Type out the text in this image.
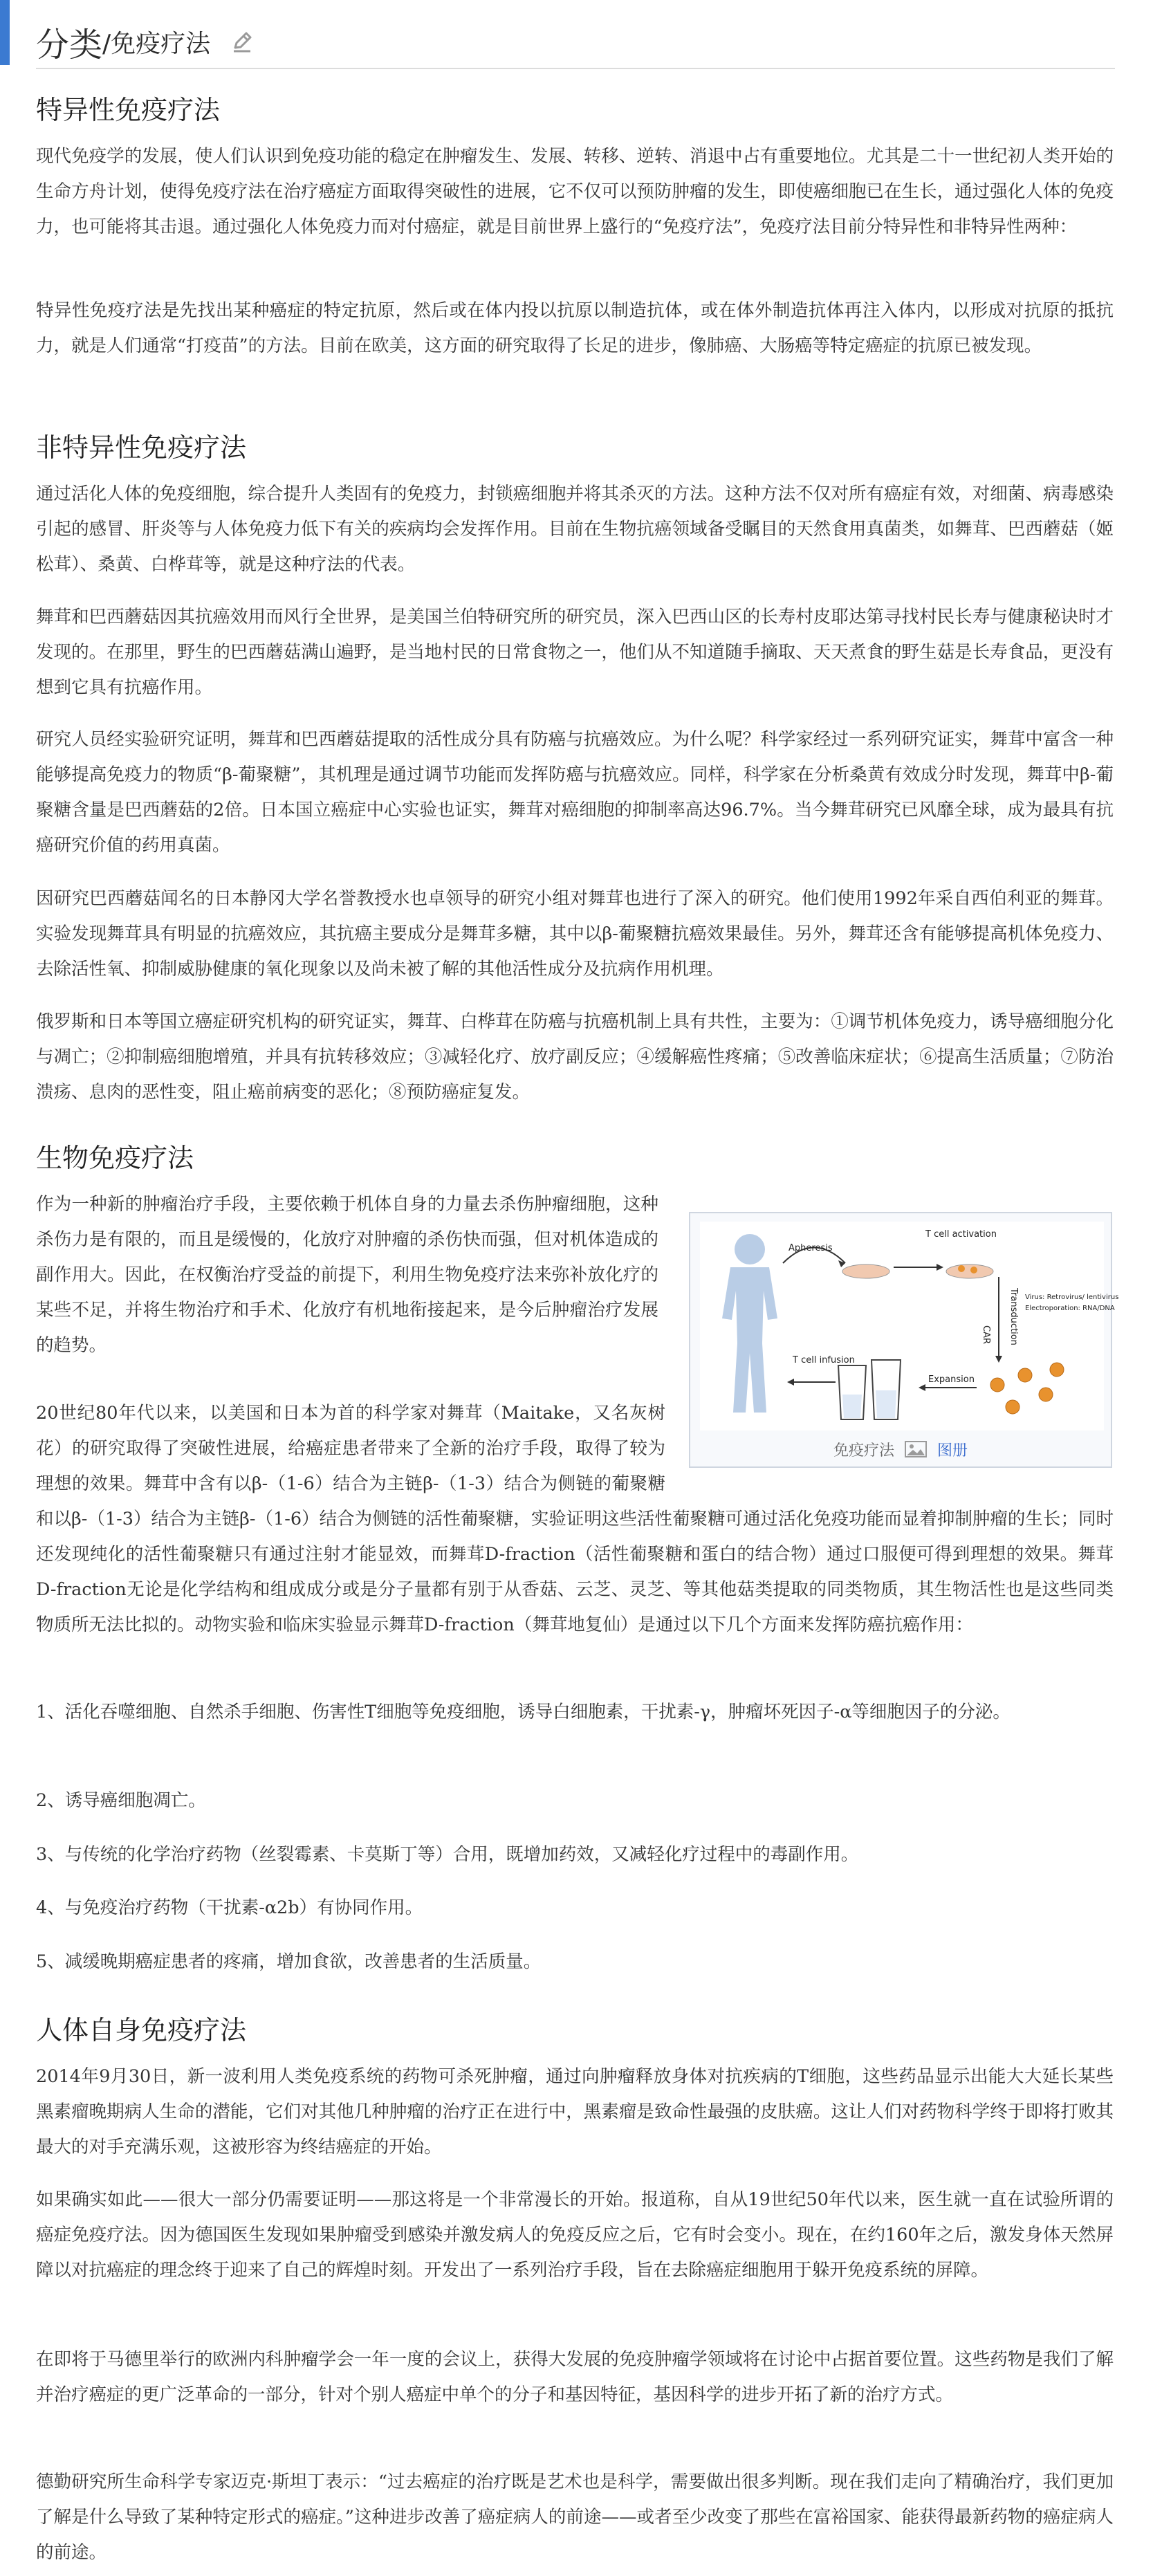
分类 /免疫疗法
特异性免疫疗法

现代免疫学的发展，使人们认识到免疫功能的稳定在肿瘤发生、发展、转移、逆转、消退中占有重要地位。尤其是二十一世纪初人类开始的生命方舟计划，使得免疫疗法在治疗癌症方面取得突破性的进展，它不仅可以预防肿瘤的发生，即使癌细胞已在生长，通过强化人体的免疫力，也可能将其击退。通过强化人体免疫力而对付癌症，就是目前世界上盛行的“免疫疗法”，免疫疗法目前分特异性和非特异性两种：

特异性免疫疗法是先找出某种癌症的特定抗原，然后或在体内投以抗原以制造抗体，或在体外制造抗体再注入体内，以形成对抗原的抵抗力，就是人们通常“打疫苗”的方法。目前在欧美，这方面的研究取得了长足的进步，像肺癌、大肠癌等特定癌症的抗原已被发现。

非特异性免疫疗法

通过活化人体的免疫细胞，综合提升人类固有的免疫力，封锁癌细胞并将其杀灭的方法。这种方法不仅对所有癌症有效，对细菌、病毒感染引起的感冒、肝炎等与人体免疫力低下有关的疾病均会发挥作用。目前在生物抗癌领域备受瞩目的天然食用真菌类，如舞茸、巴西蘑菇（姬松茸）、桑黄、白桦茸等，就是这种疗法的代表。

舞茸和巴西蘑菇因其抗癌效用而风行全世界，是美国兰伯特研究所的研究员，深入巴西山区的长寿村皮耶达第寻找村民长寿与健康秘诀时才发现的。在那里，野生的巴西蘑菇满山遍野，是当地村民的日常食物之一，他们从不知道随手摘取、天天煮食的野生菇是长寿食品，更没有想到它具有抗癌作用。

研究人员经实验研究证明，舞茸和巴西蘑菇提取的活性成分具有防癌与抗癌效应。为什么呢？科学家经过一系列研究证实，舞茸中富含一种能够提高免疫力的物质“β-葡聚糖”，其机理是通过调节功能而发挥防癌与抗癌效应。同样，科学家在分析桑黄有效成分时发现，舞茸中β-葡聚糖含量是巴西蘑菇的2倍。日本国立癌症中心实验也证实，舞茸对癌细胞的抑制率高达96.7%。当今舞茸研究已风靡全球，成为最具有抗癌研究价值的药用真菌。

因研究巴西蘑菇闻名的日本静冈大学名誉教授水也卓领导的研究小组对舞茸也进行了深入的研究。他们使用1992年采自西伯利亚的舞茸。实验发现舞茸具有明显的抗癌效应，其抗癌主要成分是舞茸多糖，其中以β-葡聚糖抗癌效果最佳。另外，舞茸还含有能够提高机体免疫力、去除活性氧、抑制威胁健康的氧化现象以及尚未被了解的其他活性成分及抗病作用机理。

俄罗斯和日本等国立癌症研究机构的研究证实，舞茸、白桦茸在防癌与抗癌机制上具有共性，主要为：①调节机体免疫力，诱导癌细胞分化与凋亡；②抑制癌细胞增殖，并具有抗转移效应；③减轻化疗、放疗副反应；④缓解癌性疼痛；⑤改善临床症状；⑥提高生活质量；⑦防治溃疡、息肉的恶性变，阻止癌前病变的恶化；⑧预防癌症复发。

生物免疫疗法

作为一种新的肿瘤治疗手段，主要依赖于机体自身的力量去杀伤肿瘤细胞，这种杀伤力是有限的，而且是缓慢的，化放疗对肿瘤的杀伤快而强，但对机体造成的副作用大。因此，在权衡治疗受益的前提下，利用生物免疫疗法来弥补放化疗的某些不足，并将生物治疗和手术、化放疗有机地衔接起来，是今后肿瘤治疗发展的趋势。

20世纪80年代以来，以美国和日本为首的科学家对舞茸（Maitake，又名灰树花）的研究取得了突破性进展，给癌症患者带来了全新的治疗手段，取得了较为理想的效果。舞茸中含有以β-（1-6）结合为主链β-（1-3）结合为侧链的葡聚糖和以β-（1-3）结合为主链β-（1-6）结合为侧链的活性葡聚糖，实验证明这些活性葡聚糖可通过活化免疫功能而显着抑制肿瘤的生长；同时还发现纯化的活性葡聚糖只有通过注射才能显效，而舞茸D-fraction（活性葡聚糖和蛋白的结合物）通过口服便可得到理想的效果。舞茸D-fraction无论是化学结构和组成成分或是分子量都有别于从香菇、云芝、灵芝、等其他菇类提取的同类物质，其生物活性也是这些同类物质所无法比拟的。动物实验和临床实验显示舞茸D-fraction（舞茸地复仙）是通过以下几个方面来发挥防癌抗癌作用：

1、活化吞噬细胞、自然杀手细胞、伤害性T细胞等免疫细胞，诱导白细胞素，干扰素-γ，肿瘤坏死因子-α等细胞因子的分泌。

2、诱导癌细胞凋亡。

3、与传统的化学治疗药物（丝裂霉素、卡莫斯丁等）合用，既增加药效，又减轻化疗过程中的毒副作用。

4、与免疫治疗药物（干扰素-α2b）有协同作用。

5、减缓晚期癌症患者的疼痛，增加食欲，改善患者的生活质量。

Apheresis
T cell activation
CAR Transduction Virus: Retrovirus/ lentivirus
Electroporation: RNA/DNA
Expansion
T cell infusion
免疫疗法	图册
人体自身免疫疗法

2014年9月30日，新一波利用人类免疫系统的药物可杀死肿瘤，通过向肿瘤释放身体对抗疾病的T细胞，这些药品显示出能大大延长某些黑素瘤晚期病人生命的潜能，它们对其他几种肿瘤的治疗正在进行中，黑素瘤是致命性最强的皮肤癌。这让人们对药物科学终于即将打败其最大的对手充满乐观，这被形容为终结癌症的开始。

如果确实如此——很大一部分仍需要证明——那这将是一个非常漫长的开始。报道称，自从19世纪50年代以来，医生就一直在试验所谓的癌症免疫疗法。因为德国医生发现如果肿瘤受到感染并激发病人的免疫反应之后，它有时会变小。现在，在约160年之后，激发身体天然屏障以对抗癌症的理念终于迎来了自己的辉煌时刻。开发出了一系列治疗手段，旨在去除癌症细胞用于躲开免疫系统的屏障。

在即将于马德里举行的欧洲内科肿瘤学会一年一度的会议上，获得大发展的免疫肿瘤学领域将在讨论中占据首要位置。这些药物是我们了解并治疗癌症的更广泛革命的一部分，针对个别人癌症中单个的分子和基因特征，基因科学的进步开拓了新的治疗方式。

德勤研究所生命科学专家迈克·斯坦丁表示：“过去癌症的治疗既是艺术也是科学，需要做出很多判断。现在我们走向了精确治疗，我们更加了解是什么导致了某种特定形式的癌症。”这种进步改善了癌症病人的前途——或者至少改变了那些在富裕国家、能获得最新药物的癌症病人的前途。
